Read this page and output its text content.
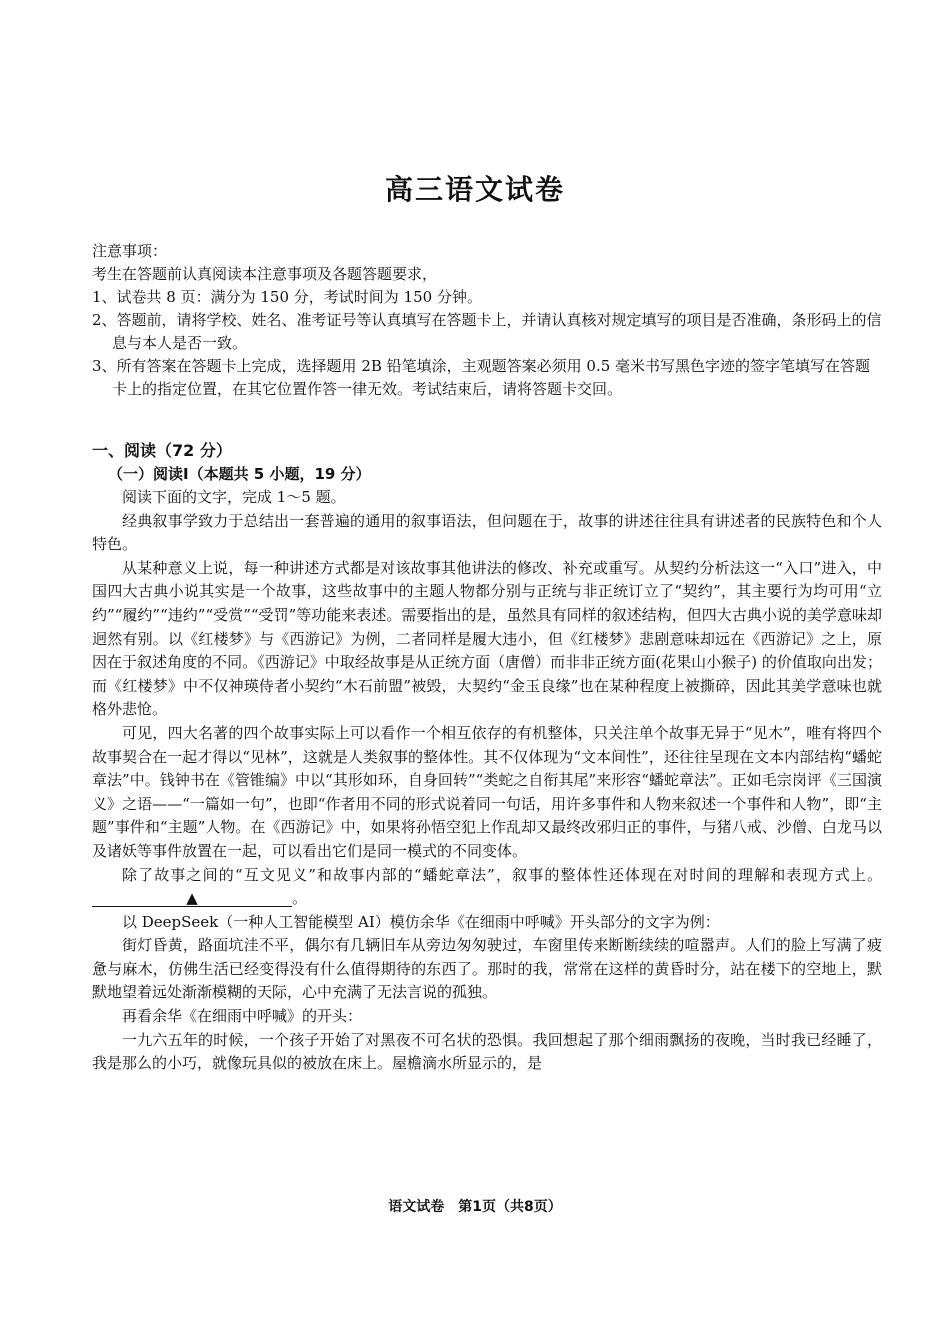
高三语文试卷

注意事项：

考生在答题前认真阅读本注意事项及各题答题要求，

1、试卷共 8 页：满分为 150 分，考试时间为 150 分钟。

2、答题前，请将学校、姓名、准考证号等认真填写在答题卡上，并请认真核对规定填写的项目是否准确，条形码上的信息与本人是否一致。

3、所有答案在答题卡上完成，选择题用 2B 铅笔填涂，主观题答案必须用 0.5 毫米书写黑色字迹的签字笔填写在答题卡上的指定位置，在其它位置作答一律无效。考试结束后，请将答题卡交回。

一、阅读（72 分）

（一）阅读Ⅰ（本题共 5 小题，19 分）

阅读下面的文字，完成 1～5 题。

经典叙事学致力于总结出一套普遍的通用的叙事语法，但问题在于，故事的讲述往往具有讲述者的民族特色和个人特色。

从某种意义上说，每一种讲述方式都是对该故事其他讲法的修改、补充或重写。从契约分析法这一“入口”进入，中国四大古典小说其实是一个故事，这些故事中的主题人物都分别与正统与非正统订立了“契约”，其主要行为均可用“立约”“履约”“违约”“受赏”“受罚”等功能来表述。需要指出的是，虽然具有同样的叙述结构，但四大古典小说的美学意味却迥然有别。以《红楼梦》与《西游记》为例，二者同样是履大违小，但《红楼梦》悲剧意味却远在《西游记》之上，原因在于叙述角度的不同。《西游记》中取经故事是从正统方面（唐僧）而非非正统方面(花果山小猴子) 的价值取向出发；而《红楼梦》中不仅神瑛侍者小契约“木石前盟”被毁，大契约“金玉良缘”也在某种程度上被撕碎，因此其美学意味也就格外悲怆。

可见，四大名著的四个故事实际上可以看作一个相互依存的有机整体，只关注单个故事无异于“见木”，唯有将四个故事契合在一起才得以“见林”，这就是人类叙事的整体性。其不仅体现为“文本间性”，还往往呈现在文本内部结构“蟠蛇章法”中。钱钟书在《管锥编》中以“其形如环，自身回转”“类蛇之自衔其尾”来形容“蟠蛇章法”。正如毛宗岗评《三国演义》之语——“一篇如一句”，也即“作者用不同的形式说着同一句话，用许多事件和人物来叙述一个事件和人物”，即“主题”事件和“主题”人物。在《西游记》中，如果将孙悟空犯上作乱却又最终改邪归正的事件，与猪八戒、沙僧、白龙马以及诸妖等事件放置在一起，可以看出它们是同一模式的不同变体。

除了故事之间的“互文见义”和故事内部的“蟠蛇章法”，叙事的整体性还体现在对时间的理解和表现方式上。▲	。

以 DeepSeek（一种人工智能模型 AI）模仿余华《在细雨中呼喊》开头部分的文字为例：

街灯昏黄，路面坑洼不平，偶尔有几辆旧车从旁边匆匆驶过，车窗里传来断断续续的喧嚣声。人们的脸上写满了疲惫与麻木，仿佛生活已经变得没有什么值得期待的东西了。那时的我，常常在这样的黄昏时分，站在楼下的空地上，默默地望着远处渐渐模糊的天际，心中充满了无法言说的孤独。

再看余华《在细雨中呼喊》的开头：

一九六五年的时候，一个孩子开始了对黑夜不可名状的恐惧。我回想起了那个细雨飘扬的夜晚，当时我已经睡了，我是那么的小巧，就像玩具似的被放在床上。屋檐滴水所显示的，是

语文试卷　第1页（共8页）
